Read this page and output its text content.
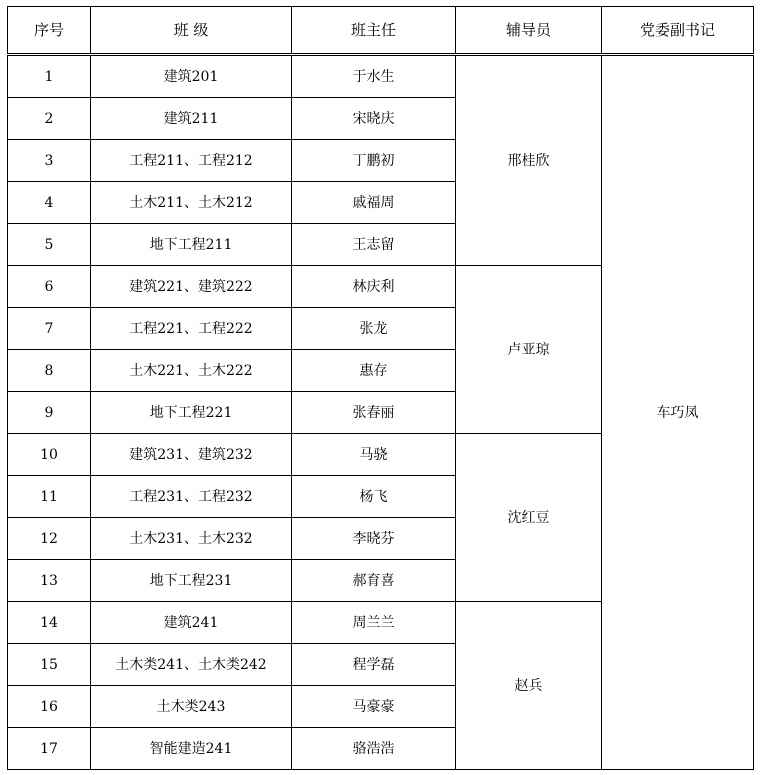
序号	班 级	班主任	辅导员	党委副书记
1	建筑201	于水生	邢桂欣	车巧凤
2	建筑211	宋晓庆		
3	工程211、工程212	丁鹏初		
4	土木211、土木212	戚福周		
5	地下工程211	王志留		
6	建筑221、建筑222	林庆利	卢亚琼	
7	工程221、工程222	张龙		
8	土木221、土木222	惠存		
9	地下工程221	张春丽		
10	建筑231、建筑232	马骁	沈红豆	
11	工程231、工程232	杨飞		
12	土木231、土木232	李晓芬		
13	地下工程231	郝育喜		
14	建筑241	周兰兰	赵兵	
15	土木类241、土木类242	程学磊		
16	土木类243	马豪豪		
17	智能建造241	骆浩浩		
